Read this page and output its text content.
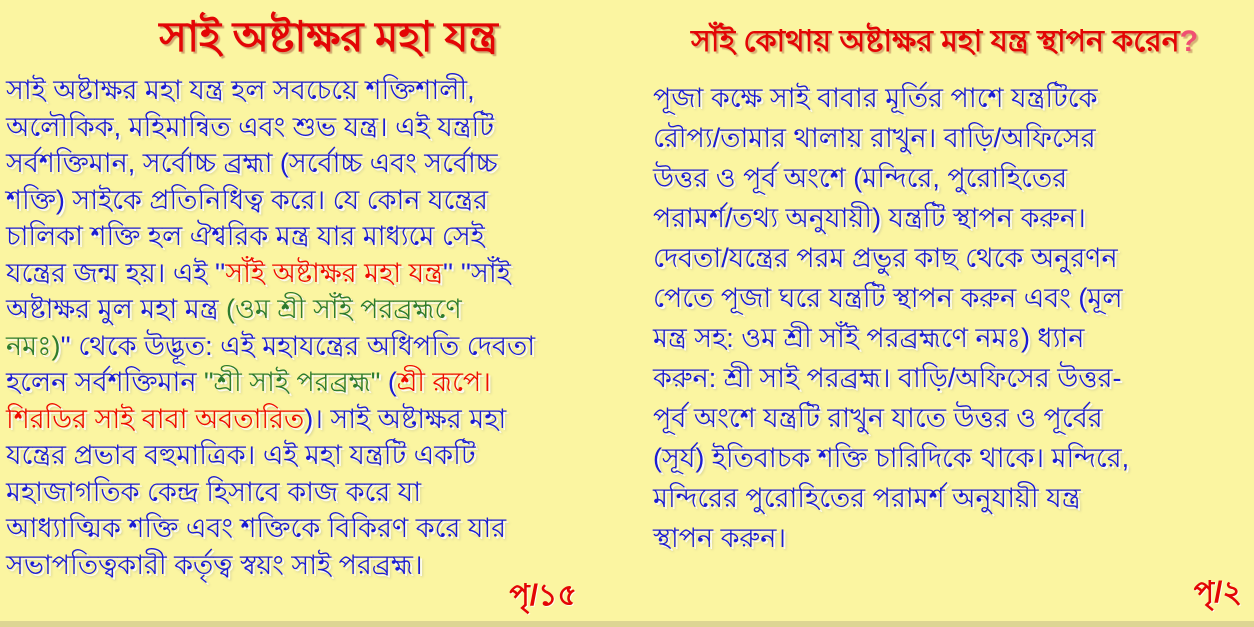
সাই অষ্টাক্ষর মহা যন্ত্র
সাই অষ্টাক্ষর মহা যন্ত্র হল সবচেয়ে শক্তিশালী,
অলৌকিক, মহিমান্বিত এবং শুভ যন্ত্র। এই যন্ত্রটি
সর্বশক্তিমান, সর্বোচ্চ ব্রহ্মা (সর্বোচ্চ এবং সর্বোচ্চ
শক্তি) সাইকে প্রতিনিধিত্ব করে। যে কোন যন্ত্রের
চালিকা শক্তি হল ঐশ্বরিক মন্ত্র যার মাধ্যমে সেই
যন্ত্রের জন্ম হয়। এই ''সাঁই অষ্টাক্ষর মহা যন্ত্র'' ''সাঁই
অষ্টাক্ষর মুল মহা মন্ত্র (ওম শ্রী সাঁই পরব্রহ্মণে
নমঃ)'' থেকে উদ্ভূত: এই মহাযন্ত্রের অধিপতি দেবতা
হলেন সর্বশক্তিমান "শ্রী সাই পরব্রহ্ম" (শ্রী রূপে।
শিরডির সাই বাবা অবতারিত)। সাই অষ্টাক্ষর মহা
যন্ত্রের প্রভাব বহুমাত্রিক। এই মহা যন্ত্রটি একটি
মহাজাগতিক কেন্দ্র হিসাবে কাজ করে যা
আধ্যাত্মিক শক্তি এবং শক্তিকে বিকিরণ করে যার
সভাপতিত্বকারী কর্তৃত্ব স্বয়ং সাই পরব্রহ্ম।
পৃ/১৫
সাঁই কোথায় অষ্টাক্ষর মহা যন্ত্র স্থাপন করেন?
পূজা কক্ষে সাই বাবার মূর্তির পাশে যন্ত্রটিকে
রৌপ্য/তামার থালায় রাখুন। বাড়ি/অফিসের
উত্তর ও পূর্ব অংশে (মন্দিরে, পুরোহিতের
পরামর্শ/তথ্য অনুযায়ী) যন্ত্রটি স্থাপন করুন।
দেবতা/যন্ত্রের পরম প্রভুর কাছ থেকে অনুরণন
পেতে পূজা ঘরে যন্ত্রটি স্থাপন করুন এবং (মূল
মন্ত্র সহ: ওম শ্রী সাঁই পরব্রহ্মণে নমঃ) ধ্যান
করুন: শ্রী সাই পরব্রহ্ম। বাড়ি/অফিসের উত্তর-
পূর্ব অংশে যন্ত্রটি রাখুন যাতে উত্তর ও পূর্বের
(সূর্য) ইতিবাচক শক্তি চারিদিকে থাকে। মন্দিরে,
মন্দিরের পুরোহিতের পরামর্শ অনুযায়ী যন্ত্র
স্থাপন করুন।
পৃ/২
